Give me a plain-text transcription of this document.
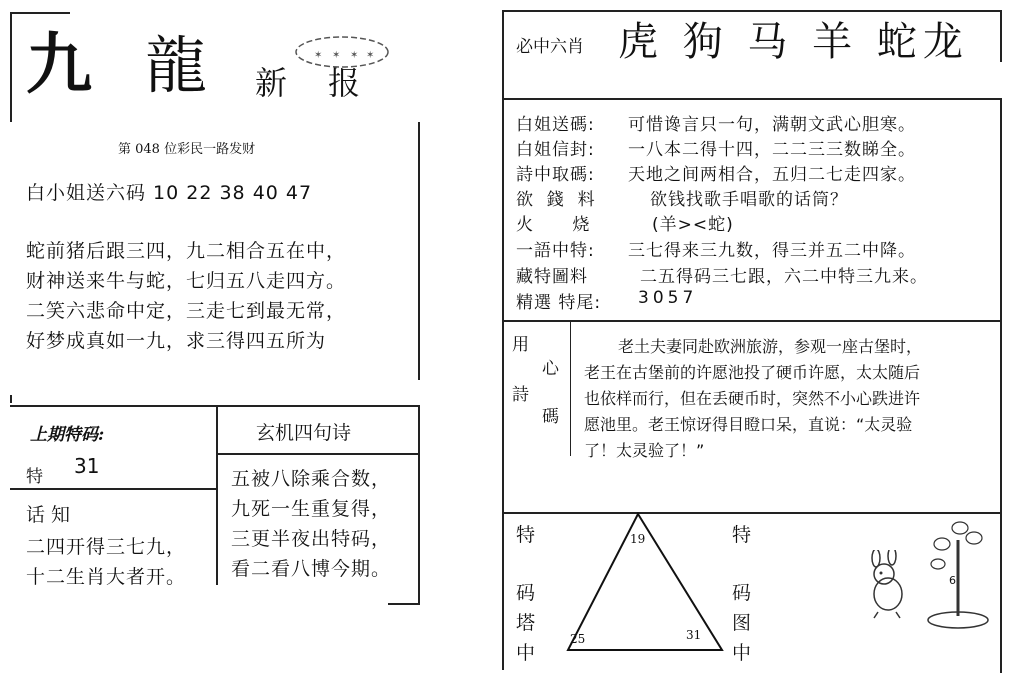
九 龍 新 报
✶ ✶ ✶ ✶
第 048 位彩民一路发财
白小姐送六码 10 22 38 40 47
蛇前猪后跟三四，九二相合五在中，
财神送来牛与蛇，七归五八走四方。
二笑六悲命中定，三走七到最无常，
好梦成真如一九，求三得四五所为
上期特码:
特 31
话 知
二四开得三七九，
十二生肖大者开。
玄机四句诗
五被八除乘合数，
九死一生重复得，
三更半夜出特码，
看二看八博今期。
必中六肖 虎 狗 马 羊 蛇龙
白姐送碼: 可惜谗言只一句，满朝文武心胆寒。
白姐信封: 一八本二得十四，二二三三数睇全。
詩中取碼: 天地之间两相合，五归二七走四家。
欲  錢  料	欲钱找歌手唱歌的话筒？
火      烧	(羊><蛇)
一語中特: 三七得来三九数，得三并五二中降。
藏特圖料	二五得码三七跟，六二中特三九来。
精選 特尾: 3057
用
心
詩
碼
老土夫妻同赴欧洲旅游，参观一座古堡时，
老王在古堡前的许愿池投了硬币许愿，太太随后
也依样而行，但在丢硬币时，突然不小心跌进许
愿池里。老王惊讶得目瞪口呆，直说：“太灵验
了！太灵验了！”
特
码
塔
中
特
码
图
中
19
25	31
6
